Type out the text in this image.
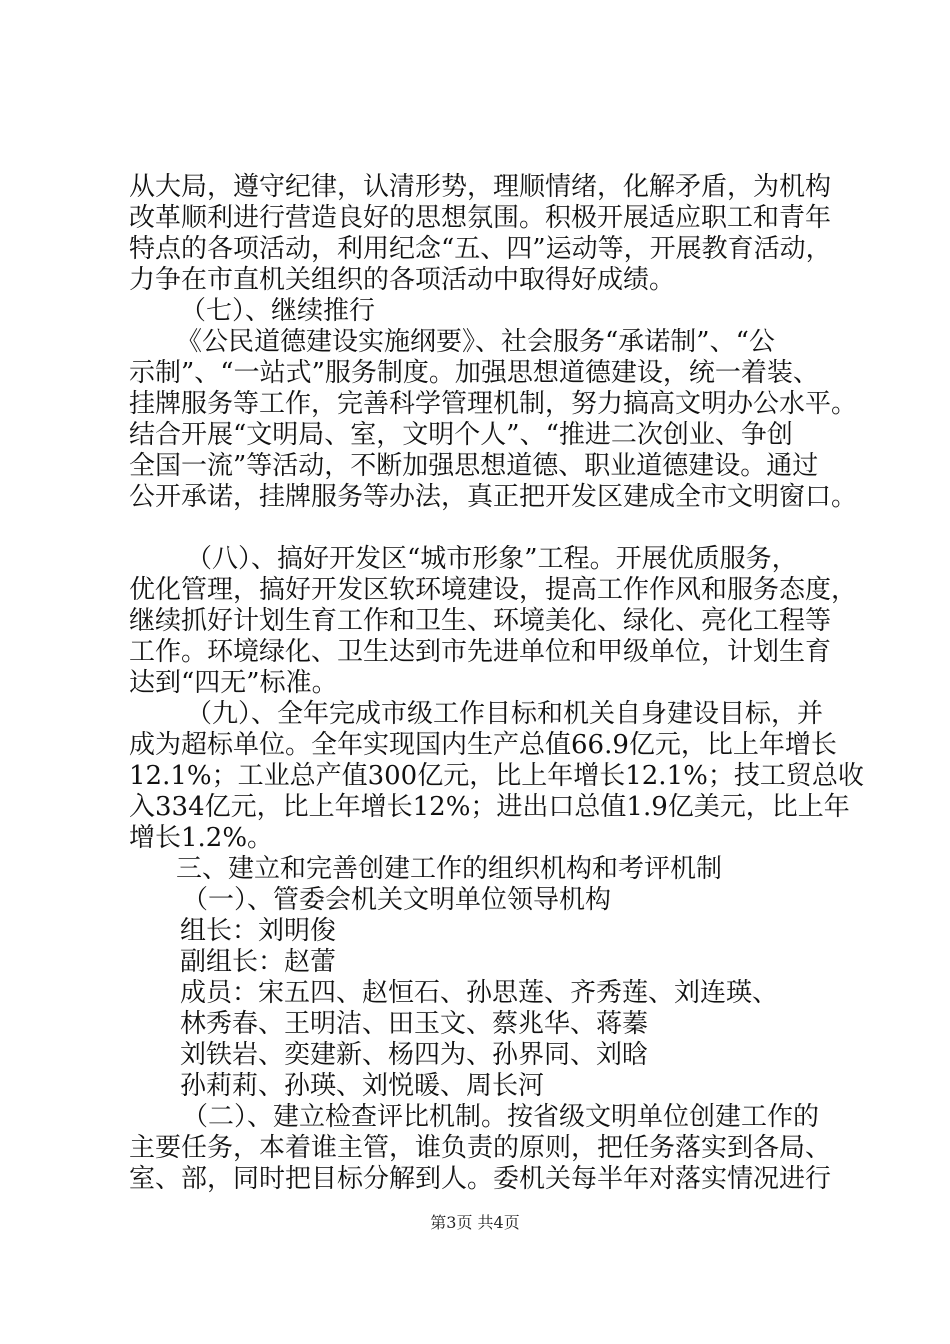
从大局，遵守纪律，认清形势，理顺情绪，化解矛盾，为机构
改革顺利进行营造良好的思想氛围。积极开展适应职工和青年
特点的各项活动，利用纪念“五、四”运动等，开展教育活动，
力争在市直机关组织的各项活动中取得好成绩。
（七）、继续推行
《公民道德建设实施纲要》、社会服务“承诺制”、“公
示制”、“一站式”服务制度。加强思想道德建设，统一着装、
挂牌服务等工作，完善科学管理机制，努力搞高文明办公水平。
结合开展“文明局、室，文明个人”、“推进二次创业、争创
全国一流”等活动，不断加强思想道德、职业道德建设。通过
公开承诺，挂牌服务等办法，真正把开发区建成全市文明窗口。
（八）、搞好开发区“城市形象”工程。开展优质服务，
优化管理，搞好开发区软环境建设，提高工作作风和服务态度，
继续抓好计划生育工作和卫生、环境美化、绿化、亮化工程等
工作。环境绿化、卫生达到市先进单位和甲级单位，计划生育
达到“四无”标准。
（九）、全年完成市级工作目标和机关自身建设目标，并
成为超标单位。全年实现国内生产总值66.9亿元，比上年增长
12.1%；工业总产值300亿元，比上年增长12.1%；技工贸总收
入334亿元，比上年增长12%；进出口总值1.9亿美元，比上年
增长1.2%。
三、建立和完善创建工作的组织机构和考评机制
（一）、管委会机关文明单位领导机构
组长：刘明俊
副组长：赵蕾
成员：宋五四、赵恒石、孙思莲、齐秀莲、刘连瑛、
林秀春、王明洁、田玉文、蔡兆华、蒋蓁
刘铁岩、奕建新、杨四为、孙界同、刘晗
孙莉莉、孙瑛、刘悦暖、周长河
（二）、建立检查评比机制。按省级文明单位创建工作的
主要任务，本着谁主管，谁负责的原则，把任务落实到各局、
室、部，同时把目标分解到人。委机关每半年对落实情况进行
第3页 共4页
